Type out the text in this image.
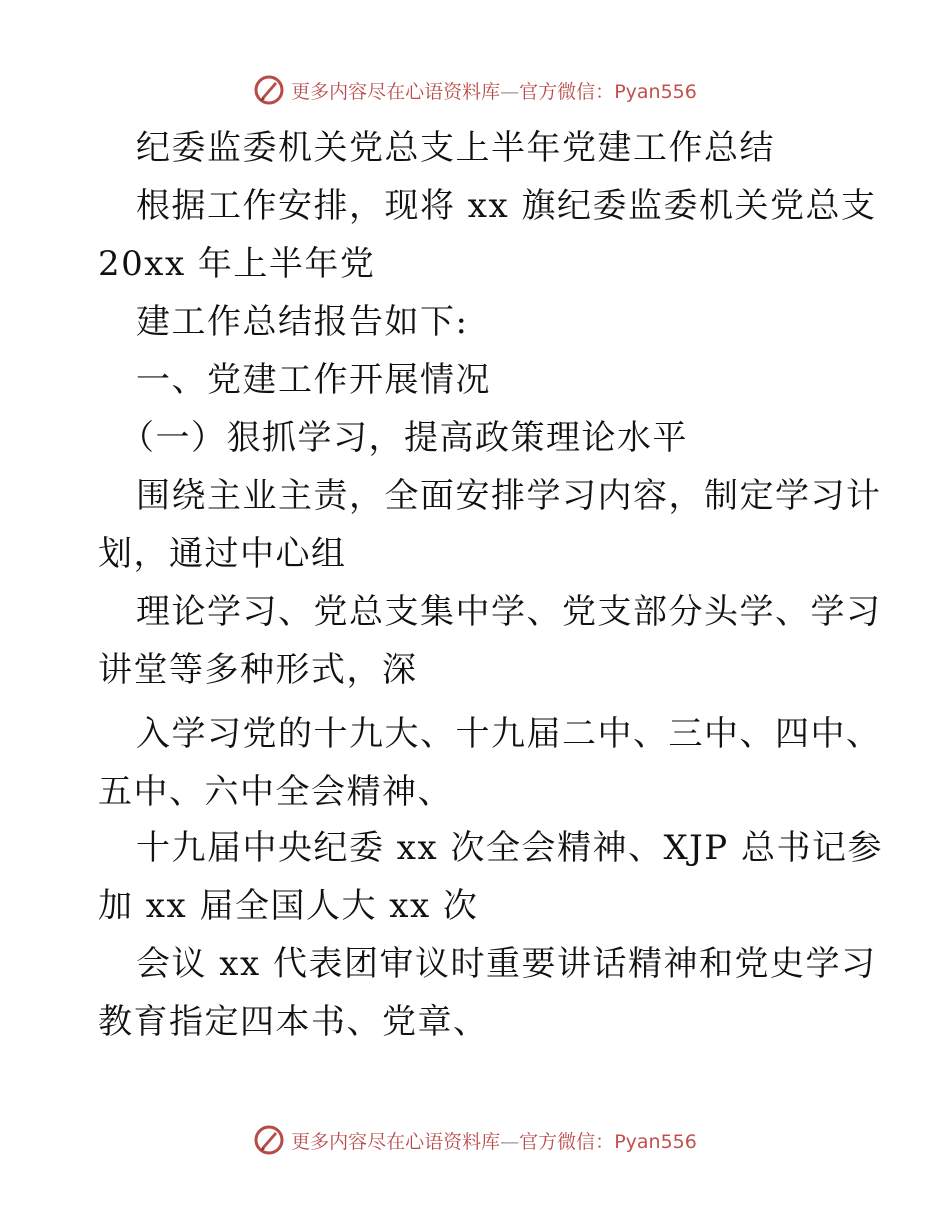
更多内容尽在心语资料库—官方微信：Pyan556
纪委监委机关党总支上半年党建工作总结
根据工作安排，现将 xx 旗纪委监委机关党总支
20xx 年上半年党
建工作总结报告如下:
一、党建工作开展情况
（一）狠抓学习，提高政策理论水平
围绕主业主责，全面安排学习内容，制定学习计
划，通过中心组
理论学习、党总支集中学、党支部分头学、学习
讲堂等多种形式，深
入学习党的十九大、十九届二中、三中、四中、
五中、六中全会精神、
十九届中央纪委 xx 次全会精神、XJP 总书记参
加 xx 届全国人大 xx 次
会议 xx 代表团审议时重要讲话精神和党史学习
教育指定四本书、党章、
更多内容尽在心语资料库—官方微信：Pyan556
